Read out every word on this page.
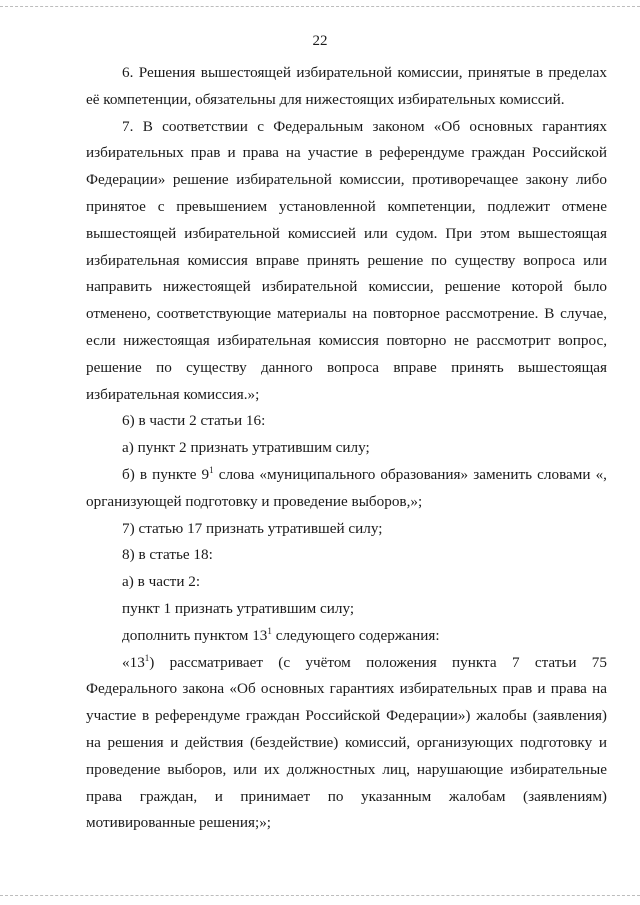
22

6. Решения вышестоящей избирательной комиссии, принятые в пределах её компетенции, обязательны для нижестоящих избирательных комиссий.

7. В соответствии с Федеральным законом «Об основных гарантиях избирательных прав и права на участие в референдуме граждан Российской Федерации» решение избирательной комиссии, противоречащее закону либо принятое с превышением установленной компетенции, подлежит отмене вышестоящей избирательной комиссией или судом. При этом вышестоящая избирательная комиссия вправе принять решение по существу вопроса или направить нижестоящей избирательной комиссии, решение которой было отменено, соответствующие материалы на повторное рассмотрение. В случае, если нижестоящая избирательная комиссия повторно не рассмотрит вопрос, решение по существу данного вопроса вправе принять вышестоящая избирательная комиссия.»;

6) в части 2 статьи 16:

а) пункт 2 признать утратившим силу;

б) в пункте $9^1$ слова «муниципального образования» заменить словами «, организующей подготовку и проведение выборов,»;

7) статью 17 признать утратившей силу;

8) в статье 18:

а) в части 2:

пункт 1 признать утратившим силу;

дополнить пунктом $13^1$ следующего содержания:

«$13^1$) рассматривает (с учётом положения пункта 7 статьи 75 Федерального закона «Об основных гарантиях избирательных прав и права на участие в референдуме граждан Российской Федерации») жалобы (заявления) на решения и действия (бездействие) комиссий, организующих подготовку и проведение выборов, или их должностных лиц, нарушающие избирательные права граждан, и принимает по указанным жалобам (заявлениям) мотивированные решения;»;
